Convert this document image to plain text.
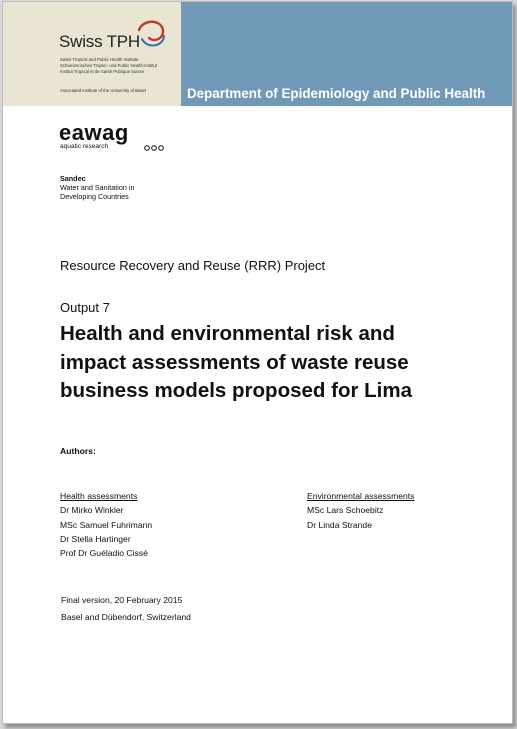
Swiss TPH
Swiss Tropical and Public Health Institute
Schweizerisches Tropen- und Public Health-Institut
Institut Tropical et de Santé Publique Suisse
Associated Institute of the University of Basel	Department of Epidemiology and Public Health
eawag
aquatic research
Sandec
Water and Sanitation in
Developing Countries
Resource Recovery and Reuse (RRR) Project
Output 7
Health and environmental risk and
impact assessments of waste reuse
business models proposed for Lima
Authors:
Health assessments
Dr Mirko Winkler
MSc Samuel Fuhrimann
Dr Stella Hartinger
Prof Dr Guéladio Cissé
Environmental assessments
MSc Lars Schoebitz
Dr Linda Strande
Final version, 20 February 2015
Basel and Dübendorf, Switzerland
